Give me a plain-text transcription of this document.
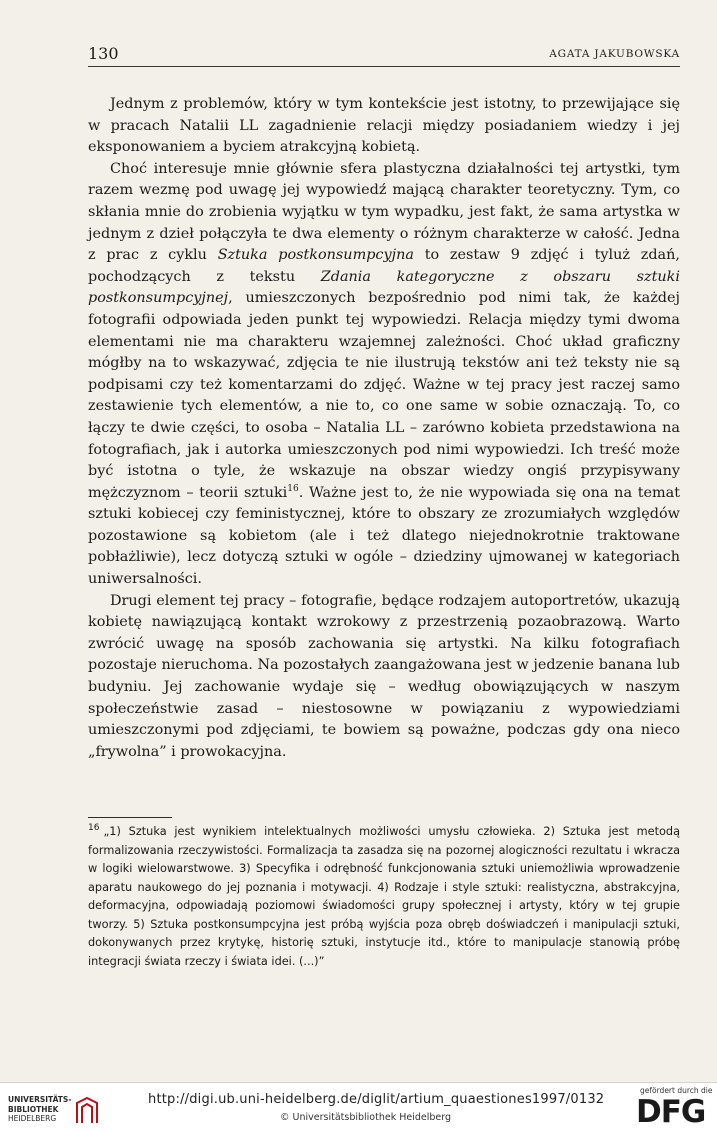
130	AGATA JAKUBOWSKA

Jednym z problemów, który w tym kontekście jest istotny, to przewijające się w pracach Natalii LL zagadnienie relacji między posiadaniem wiedzy i jej eksponowaniem a byciem atrakcyjną kobietą.

Choć interesuje mnie głównie sfera plastyczna działalności tej artystki, tym razem wezmę pod uwagę jej wypowiedź mającą charakter teoretyczny. Tym, co skłania mnie do zrobienia wyjątku w tym wypadku, jest fakt, że sama artystka w jednym z dzieł połączyła te dwa elementy o różnym charakterze w całość. Jedna z prac z cyklu Sztuka postkonsumpcyjna to zestaw 9 zdjęć i tyluż zdań, pochodzących z tekstu Zdania kategoryczne z obszaru sztuki postkonsumpcyjnej, umieszczonych bezpośrednio pod nimi tak, że każdej fotografii odpowiada jeden punkt tej wypowiedzi. Relacja między tymi dwoma elementami nie ma charakteru wzajemnej zależności. Choć układ graficzny mógłby na to wskazywać, zdjęcia te nie ilustrują tekstów ani też teksty nie są podpisami czy też komentarzami do zdjęć. Ważne w tej pracy jest raczej samo zestawienie tych elementów, a nie to, co one same w sobie oznaczają. To, co łączy te dwie części, to osoba – Natalia LL – zarówno kobieta przedstawiona na fotografiach, jak i autorka umieszczonych pod nimi wypowiedzi. Ich treść może być istotna o tyle, że wskazuje na obszar wiedzy ongiś przypisywany mężczyznom – teorii sztuki$^{16}$. Ważne jest to, że nie wypowiada się ona na temat sztuki kobiecej czy feministycznej, które to obszary ze zrozumiałych względów pozostawione są kobietom (ale i też dlatego niejednokrotnie traktowane pobłażliwie), lecz dotyczą sztuki w ogóle – dziedziny ujmowanej w kategoriach uniwersalności.

Drugi element tej pracy – fotografie, będące rodzajem autoportretów, ukazują kobietę nawiązującą kontakt wzrokowy z przestrzenią pozaobrazową. Warto zwrócić uwagę na sposób zachowania się artystki. Na kilku fotografiach pozostaje nieruchoma. Na pozostałych zaangażowana jest w jedzenie banana lub budyniu. Jej zachowanie wydaje się – według obowiązujących w naszym społeczeństwie zasad – niestosowne w powiązaniu z wypowiedziami umieszczonymi pod zdjęciami, te bowiem są poważne, podczas gdy ona nieco „frywolna” i prowokacyjna.

$^{16}$ „1) Sztuka jest wynikiem intelektualnych możliwości umysłu człowieka. 2) Sztuka jest metodą formalizowania rzeczywistości. Formalizacja ta zasadza się na pozornej alogiczności rezultatu i wkracza w logiki wielowarstwowe. 3) Specyfika i odrębność funkcjonowania sztuki uniemożliwia wprowadzenie aparatu naukowego do jej poznania i motywacji. 4) Rodzaje i style sztuki: realistyczna, abstrakcyjna, deformacyjna, odpowiadają poziomowi świadomości grupy społecznej i artysty, który w tej grupie tworzy. 5) Sztuka postkonsumpcyjna jest próbą wyjścia poza obręb doświadczeń i manipulacji sztuki, dokonywanych przez krytykę, historię sztuki, instytucje itd., które to manipulacje stanowią próbę integracji świata rzeczy i świata idei. (...)”

UNIVERSITÄTS-
BIBLIOTHEK
HEIDELBERG
http://digi.ub.uni-heidelberg.de/diglit/artium_quaestiones1997/0132
© Universitätsbibliothek Heidelberg
gefördert durch die
DFG
